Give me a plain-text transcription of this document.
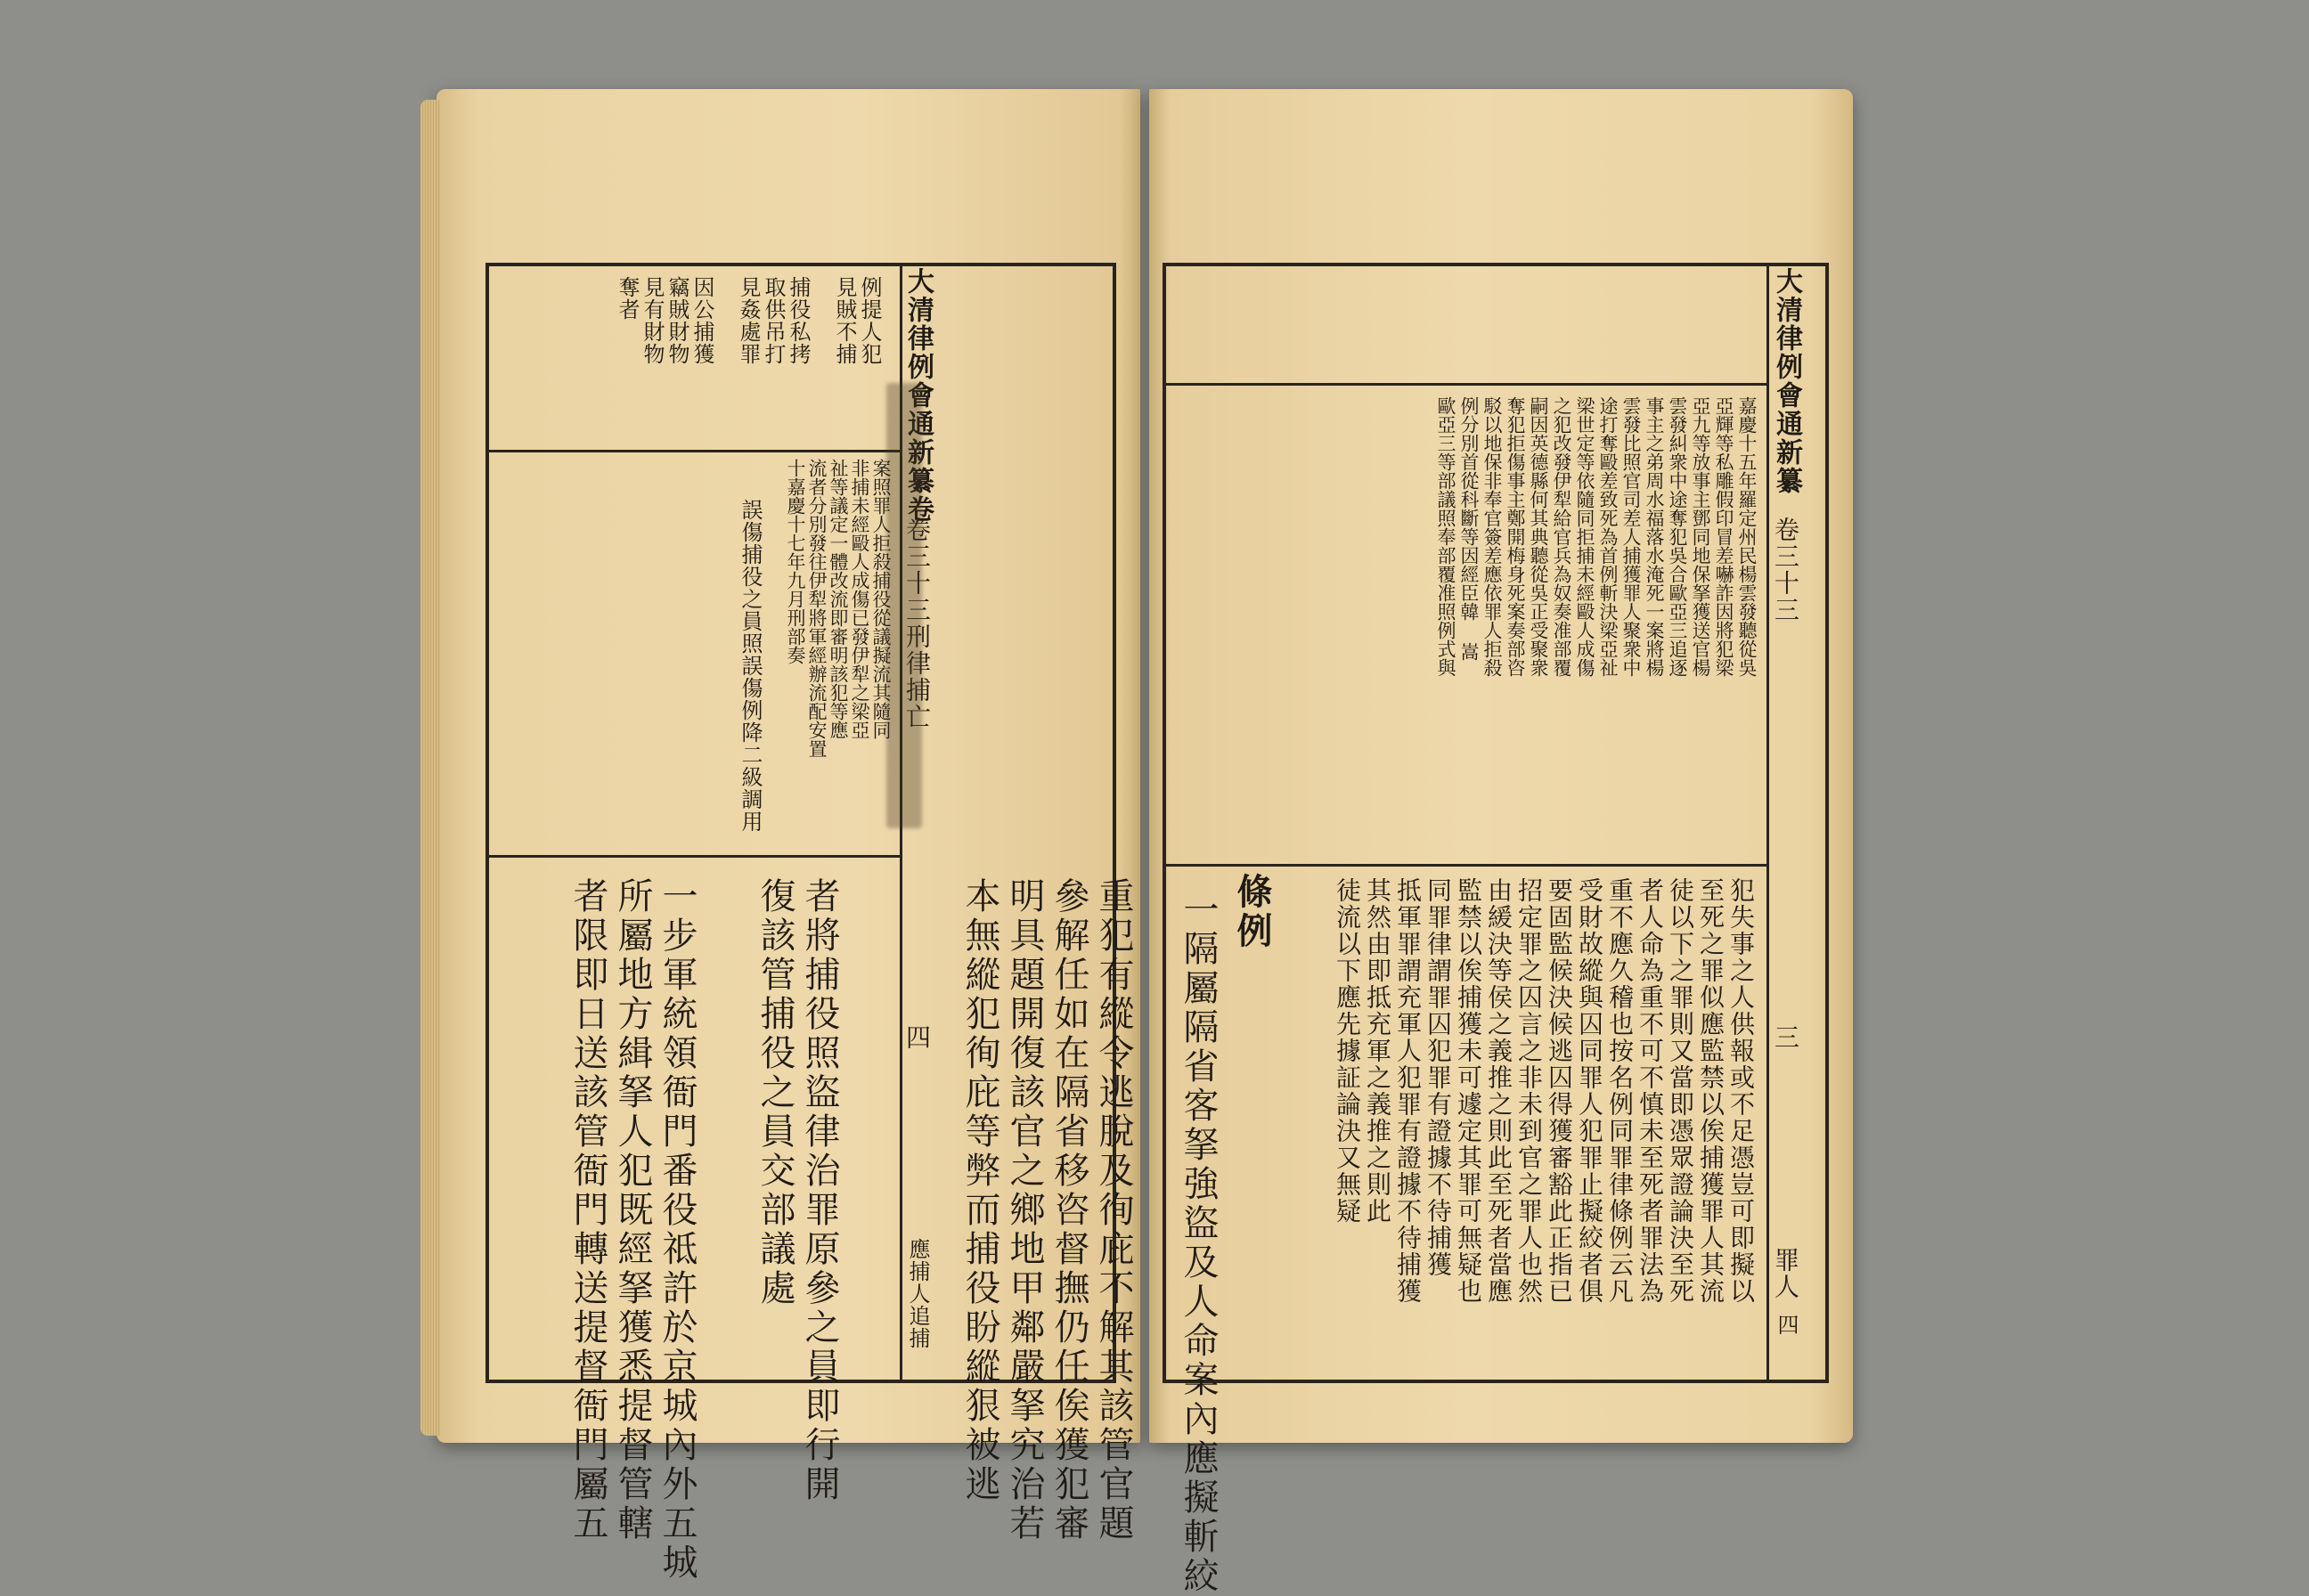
大清律例會通新纂卷
卷三十三刑律捕亡
四
應捕人追捕
例提人犯
見賊不捕
捕役私拷
取供吊打
見姦處罪
因公捕獲
竊賊財物
見有財物
奪者
案照罪人拒殺捕役從議擬流其隨同
非捕未經毆人成傷已發伊犁之梁亞
祉等議定一體改流即審明該犯等應
流者分別發往伊犁將軍經辦流配安置
十嘉慶十七年九月刑部奏
誤傷捕役之員照誤傷例降二級調用
重犯有縱令逃脫及徇庇不解其該管官題
參解任如在隔省移咨督撫仍任俟獲犯審
明具題開復該官之鄉地甲鄰嚴拏究治若
本無縱犯徇庇等弊而捕役盼縱狠被逃
者將捕役照盜律治罪原參之員即行開
復該管捕役之員交部議處
一步軍統領衙門番役祗許於京城內外五城
所屬地方緝拏人犯既經拏獲悉提督管轄
者限即日送該管衙門轉送提督衙門屬五
大清律例會通新纂
卷三十三
罪人
三
四
嘉慶十五年羅定州民楊雲發聽從吳
亞輝等私雕假印冒差嚇詐因將犯梁
亞九等放事主鄧同地保拏獲送官楊
雲發糾衆中途奪犯吳合歐亞三追逐
事主之弟周水福落水淹死一案將楊
雲發比照官司差人捕獲罪人聚衆中
途打奪毆差致死為首例斬決梁亞祉
梁世定等依隨同拒捕未經毆人成傷
之犯改發伊犁給官兵為奴奏准部覆
嗣因英德縣何其典聽從吳正受聚衆
奪犯拒傷事主鄭開梅身死案奏部咨
駁以地保非奉官簽差應依罪人拒殺
例分別首從科斷等因經臣韓 嵩
歐亞三等部議照奉部覆准照例式與
犯失事之人供報或不足憑豈可即擬以
至死之罪似應監禁以俟捕獲罪人其流
徒以下之罪則又當即憑眾證論決至死
者人命為重不可不慎未至死者罪法為
重不應久稽也按名例同罪律條例云凡
受財故縱與囚同罪人犯罪止擬絞者俱
要固監候決候逃囚得獲審豁此正指已
招定罪之囚言之非未到官之罪人也然
由緩決等侯之義推之則此至死者當應
監禁以俟捕獲未可遽定其罪可無疑也
同罪律謂罪囚犯罪有證據不待捕獲
抵軍罪謂充軍人犯罪有證據不待捕獲
其然由即抵充軍之義推之則此
徒流以下應先據証論決又無疑
條例
一隔屬隔省客拏強盜及人命案內應擬斬絞
